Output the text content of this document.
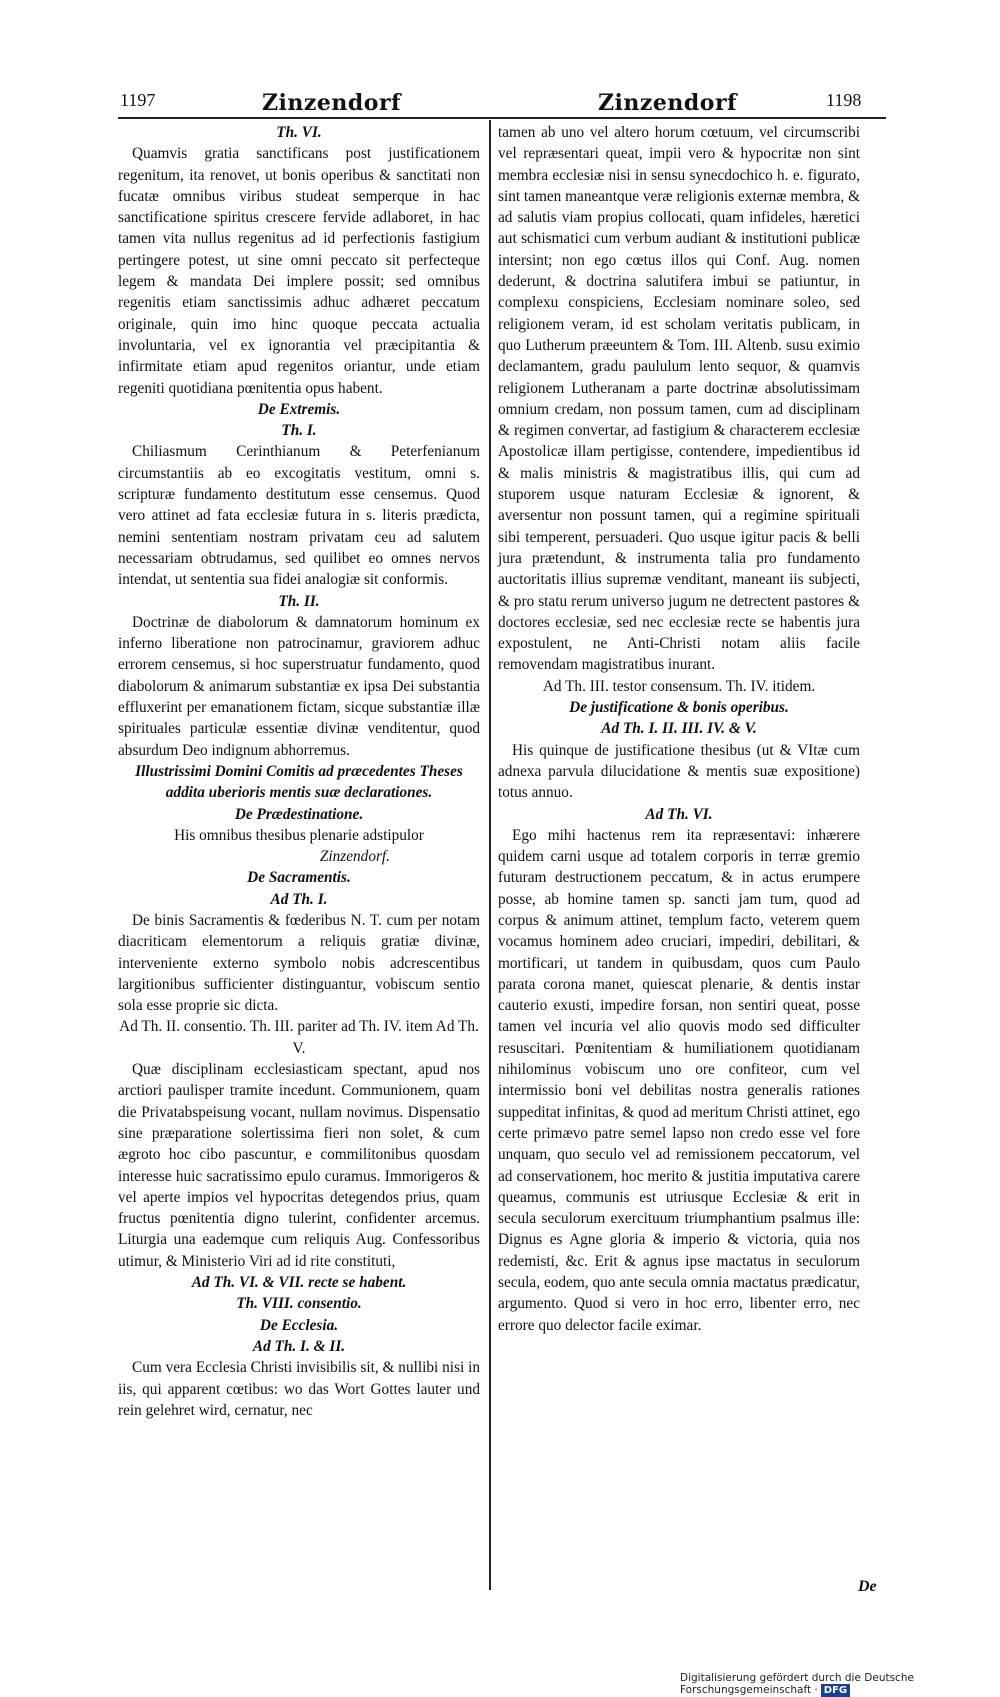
1197	Zinzendorf	Zinzendorf	1198

Th. VI.

Quamvis gratia sanctificans post justificationem regenitum, ita renovet, ut bonis operibus & sanctitati non fucatæ omnibus viribus studeat semperque in hac sanctificatione spiritus crescere fervide adlaboret, in hac tamen vita nullus regenitus ad id perfectionis fastigium pertingere potest, ut sine omni peccato sit perfecteque legem & mandata Dei implere possit; sed omnibus regenitis etiam sanctissimis adhuc adhæret peccatum originale, quin imo hinc quoque peccata actualia involuntaria, vel ex ignorantia vel præcipitantia & infirmitate etiam apud regenitos oriantur, unde etiam regeniti quotidiana pœnitentia opus habent.

De Extremis.

Th. I.

Chiliasmum Cerinthianum & Peterfenianum circumstantiis ab eo excogitatis vestitum, omni s. scripturæ fundamento destitutum esse censemus. Quod vero attinet ad fata ecclesiæ futura in s. literis prædicta, nemini sententiam nostram privatam ceu ad salutem necessariam obtrudamus, sed quilibet eo omnes nervos intendat, ut sententia sua fidei analogiæ sit conformis.

Th. II.

Doctrinæ de diabolorum & damnatorum hominum ex inferno liberatione non patrocinamur, graviorem adhuc errorem censemus, si hoc superstruatur fundamento, quod diabolorum & animarum substantiæ ex ipsa Dei substantia effluxerint per emanationem fictam, sicque substantiæ illæ spirituales particulæ essentiæ divinæ venditentur, quod absurdum Deo indignum abhorremus.

Illustrissimi Domini Comitis ad præcedentes Theses addita uberioris mentis suæ declarationes.

De Prædestinatione.

His omnibus thesibus plenarie adstipulor

Zinzendorf.

De Sacramentis.

Ad Th. I.

De binis Sacramentis & fœderibus N. T. cum per notam diacriticam elementorum a reliquis gratiæ divinæ, interveniente externo symbolo nobis adcrescentibus largitionibus sufficienter distinguantur, vobiscum sentio sola esse proprie sic dicta.

Ad Th. II. consentio. Th. III. pariter ad Th. IV. item Ad Th. V.

Quæ disciplinam ecclesiasticam spectant, apud nos arctiori paulisper tramite incedunt. Communionem, quam die Privatabspeisung vocant, nullam novimus. Dispensatio sine præparatione solertissima fieri non solet, & cum ægroto hoc cibo pascuntur, e commilitonibus quosdam interesse huic sacratissimo epulo curamus. Immorigeros & vel aperte impios vel hypocritas detegendos prius, quam fructus pœnitentia digno tulerint, confidenter arcemus. Liturgia una eademque cum reliquis Aug. Confessoribus utimur, & Ministerio Viri ad id rite constituti,

Ad Th. VI. & VII. recte se habent.

Th. VIII. consentio.

De Ecclesia.

Ad Th. I. & II.

Cum vera Ecclesia Christi invisibilis sit, & nullibi nisi in iis, qui apparent cœtibus: wo das Wort Gottes lauter und rein gelehret wird, cernatur, nec

tamen ab uno vel altero horum cœtuum, vel circumscribi vel repræsentari queat, impii vero & hypocritæ non sint membra ecclesiæ nisi in sensu synecdochico h. e. figurato, sint tamen maneantque veræ religionis externæ membra, & ad salutis viam propius collocati, quam infideles, hæretici aut schismatici cum verbum audiant & institutioni publicæ intersint; non ego cœtus illos qui Conf. Aug. nomen dederunt, & doctrina salutifera imbui se patiuntur, in complexu conspiciens, Ecclesiam nominare soleo, sed religionem veram, id est scholam veritatis publicam, in quo Lutherum præeuntem & Tom. III. Altenb. susu eximio declamantem, gradu paululum lento sequor, & quamvis religionem Lutheranam a parte doctrinæ absolutissimam omnium credam, non possum tamen, cum ad disciplinam & regimen convertar, ad fastigium & characterem ecclesiæ Apostolicæ illam pertigisse, contendere, impedientibus id & malis ministris & magistratibus illis, qui cum ad stuporem usque naturam Ecclesiæ & ignorent, & aversentur non possunt tamen, qui a regimine spirituali sibi temperent, persuaderi. Quo usque igitur pacis & belli jura prætendunt, & instrumenta talia pro fundamento auctoritatis illius supremæ venditant, maneant iis subjecti, & pro statu rerum universo jugum ne detrectent pastores & doctores ecclesiæ, sed nec ecclesiæ recte se habentis jura expostulent, ne Anti-Christi notam aliis facile removendam magistratibus inurant.

Ad Th. III. testor consensum. Th. IV. itidem.

De justificatione & bonis operibus.

Ad Th. I. II. III. IV. & V.

His quinque de justificatione thesibus (ut & VItæ cum adnexa parvula dilucidatione & mentis suæ expositione) totus annuo.

Ad Th. VI.

Ego mihi hactenus rem ita repræsentavi: inhærere quidem carni usque ad totalem corporis in terræ gremio futuram destructionem peccatum, & in actus erumpere posse, ab homine tamen sp. sancti jam tum, quod ad corpus & animum attinet, templum facto, veterem quem vocamus hominem adeo cruciari, impediri, debilitari, & mortificari, ut tandem in quibusdam, quos cum Paulo parata corona manet, quiescat plenarie, & dentis instar cauterio exusti, impedire forsan, non sentiri queat, posse tamen vel incuria vel alio quovis modo sed difficulter resuscitari. Pœnitentiam & humiliationem quotidianam nihilominus vobiscum uno ore confiteor, cum vel intermissio boni vel debilitas nostra generalis rationes suppeditat infinitas, & quod ad meritum Christi attinet, ego certe primævo patre semel lapso non credo esse vel fore unquam, quo seculo vel ad remissionem peccatorum, vel ad conservationem, hoc merito & justitia imputativa carere queamus, communis est utriusque Ecclesiæ & erit in secula seculorum exercituum triumphantium psalmus ille: Dignus es Agne gloria & imperio & victoria, quia nos redemisti, &c. Erit & agnus ipse mactatus in seculorum secula, eodem, quo ante secula omnia mactatus prædicatur, argumento. Quod si vero in hoc erro, libenter erro, nec errore quo delector facile eximar.

De
Digitalisierung gefördert durch die Deutsche Forschungsgemeinschaft · DFG
